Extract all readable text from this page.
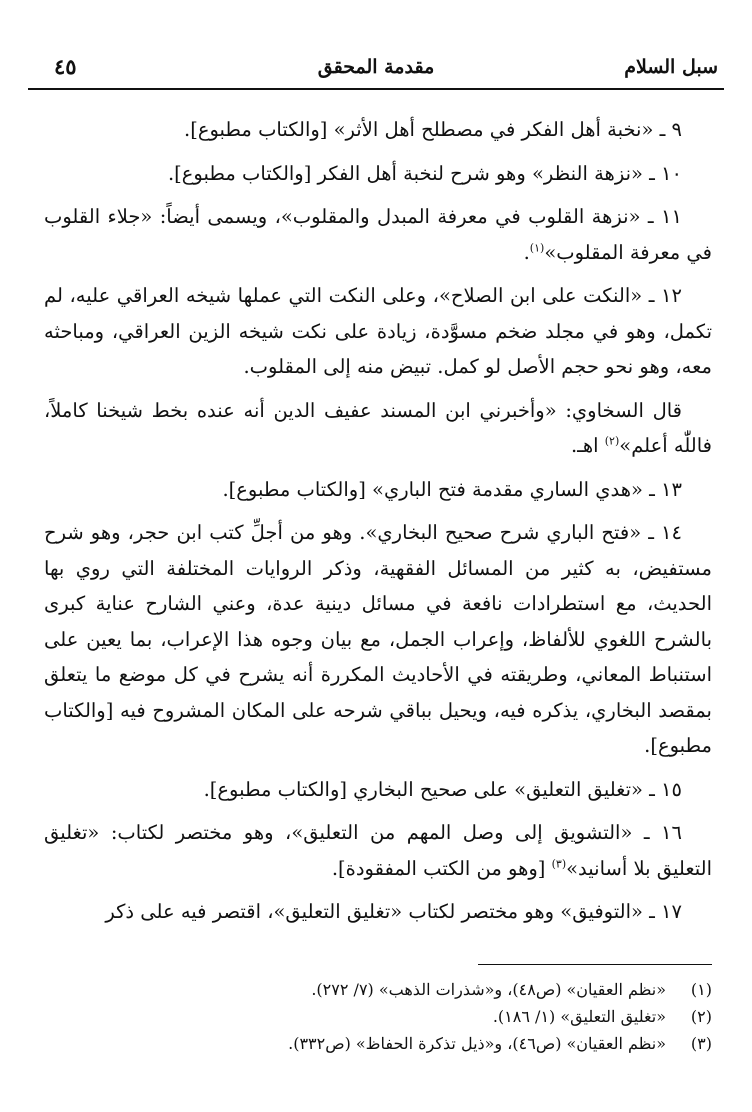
سبل السلام
مقدمة المحقق
٤٥

٩ ـ «نخبة أهل الفكر في مصطلح أهل الأثر» [والكتاب مطبوع].

١٠ ـ «نزهة النظر» وهو شرح لنخبة أهل الفكر [والكتاب مطبوع].

١١ ـ «نزهة القلوب في معرفة المبدل والمقلوب»، ويسمى أيضاً: «جلاء القلوب في معرفة المقلوب»$^{(١)}$.

١٢ ـ «النكت على ابن الصلاح»، وعلى النكت التي عملها شيخه العراقي عليه، لم تكمل، وهو في مجلد ضخم مسوَّدة، زيادة على نكت شيخه الزين العراقي، ومباحثه معه، وهو نحو حجم الأصل لو كمل. تبيض منه إلى المقلوب.

قال السخاوي: «وأخبرني ابن المسند عفيف الدين أنه عنده بخط شيخنا كاملاً، فاللّٰه أعلم»$^{(٢)}$ اهـ.

١٣ ـ «هدي الساري مقدمة فتح الباري» [والكتاب مطبوع].

١٤ ـ «فتح الباري شرح صحيح البخاري». وهو من أجلِّ كتب ابن حجر، وهو شرح مستفيض، به كثير من المسائل الفقهية، وذكر الروايات المختلفة التي روي بها الحديث، مع استطرادات نافعة في مسائل دينية عدة، وعني الشارح عناية كبرى بالشرح اللغوي للألفاظ، وإعراب الجمل، مع بيان وجوه هذا الإعراب، بما يعين على استنباط المعاني، وطريقته في الأحاديث المكررة أنه يشرح في كل موضع ما يتعلق بمقصد البخاري، يذكره فيه، ويحيل بباقي شرحه على المكان المشروح فيه [والكتاب مطبوع].

١٥ ـ «تغليق التعليق» على صحيح البخاري [والكتاب مطبوع].

١٦ ـ «التشويق إلى وصل المهم من التعليق»، وهو مختصر لكتاب: «تغليق التعليق بلا أسانيد»$^{(٣)}$ [وهو من الكتب المفقودة].

١٧ ـ «التوفيق» وهو مختصر لكتاب «تغليق التعليق»، اقتصر فيه على ذكر

(١)«نظم العقيان» (ص٤٨)، و«شذرات الذهب» (٧/ ٢٧٢).

(٢)«تغليق التعليق» (١/ ١٨٦).

(٣)«نظم العقيان» (ص٤٦)، و«ذيل تذكرة الحفاظ» (ص٣٣٢).
